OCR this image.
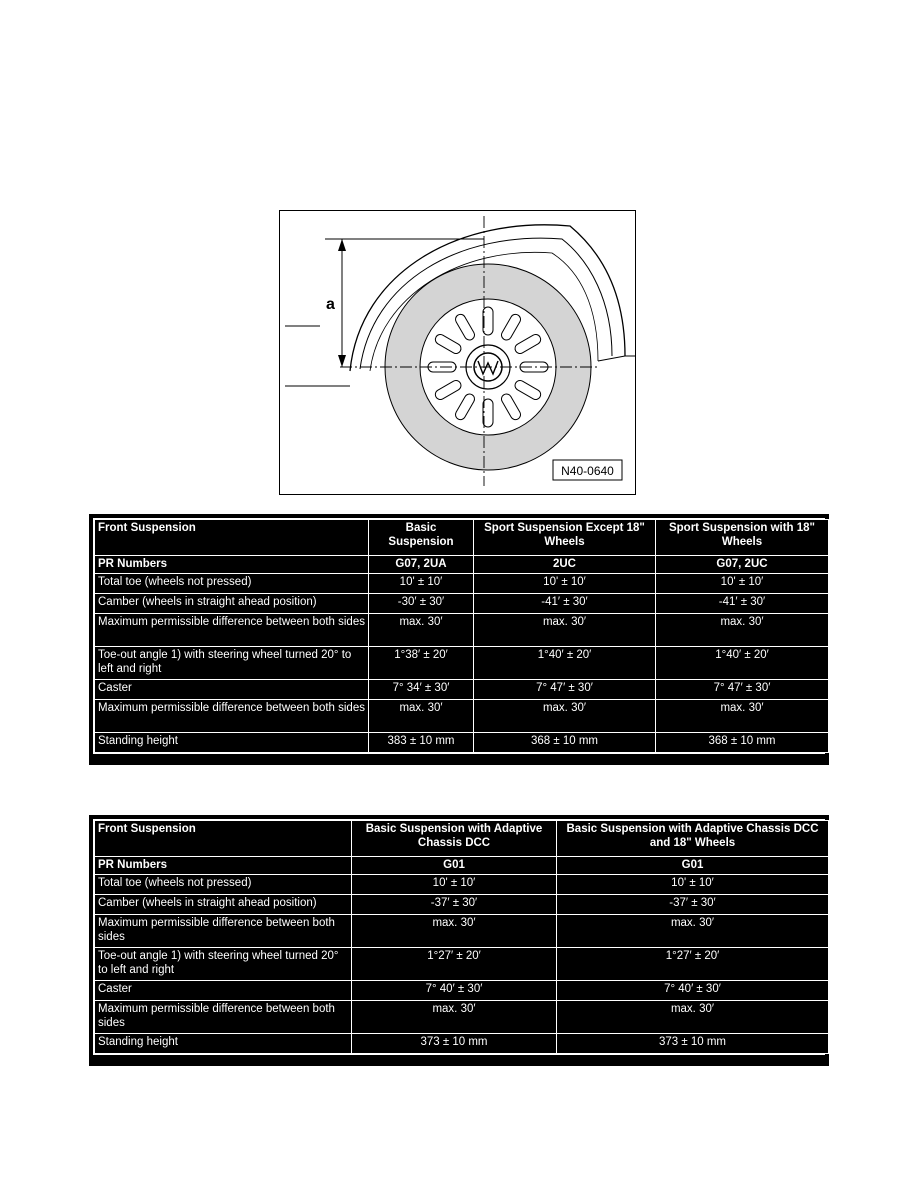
a
N40-0640
Front Suspension	Basic Suspension	Sport Suspension Except 18" Wheels	Sport Suspension with 18" Wheels
PR Numbers	G07, 2UA	2UC	G07, 2UC
Total toe (wheels not pressed)	10' ± 10′	10' ± 10′	10' ± 10′
Camber (wheels in straight ahead position)	-30′ ± 30′	-41′ ± 30′	-41′ ± 30′
Maximum permissible difference between both sides	max. 30′	max. 30′	max. 30′
Toe-out angle 1) with steering wheel turned 20° to left and right	1°38′ ± 20′	1°40′ ± 20′	1°40′ ± 20′
Caster	7° 34′ ± 30′	7° 47′ ± 30′	7° 47′ ± 30′
Maximum permissible difference between both sides	max. 30′	max. 30′	max. 30′
Standing height	383 ± 10 mm	368 ± 10 mm	368 ± 10 mm
Front Suspension	Basic Suspension with Adaptive Chassis DCC	Basic Suspension with Adaptive Chassis DCC and 18" Wheels
PR Numbers	G01	G01
Total toe (wheels not pressed)	10' ± 10′	10' ± 10′
Camber (wheels in straight ahead position)	-37′ ± 30′	-37′ ± 30′
Maximum permissible difference between both sides	max. 30′	max. 30′
Toe-out angle 1) with steering wheel turned 20° to left and right	1°27′ ± 20′	1°27′ ± 20′
Caster	7° 40′ ± 30′	7° 40′ ± 30′
Maximum permissible difference between both sides	max. 30′	max. 30′
Standing height	373 ± 10 mm	373 ± 10 mm
